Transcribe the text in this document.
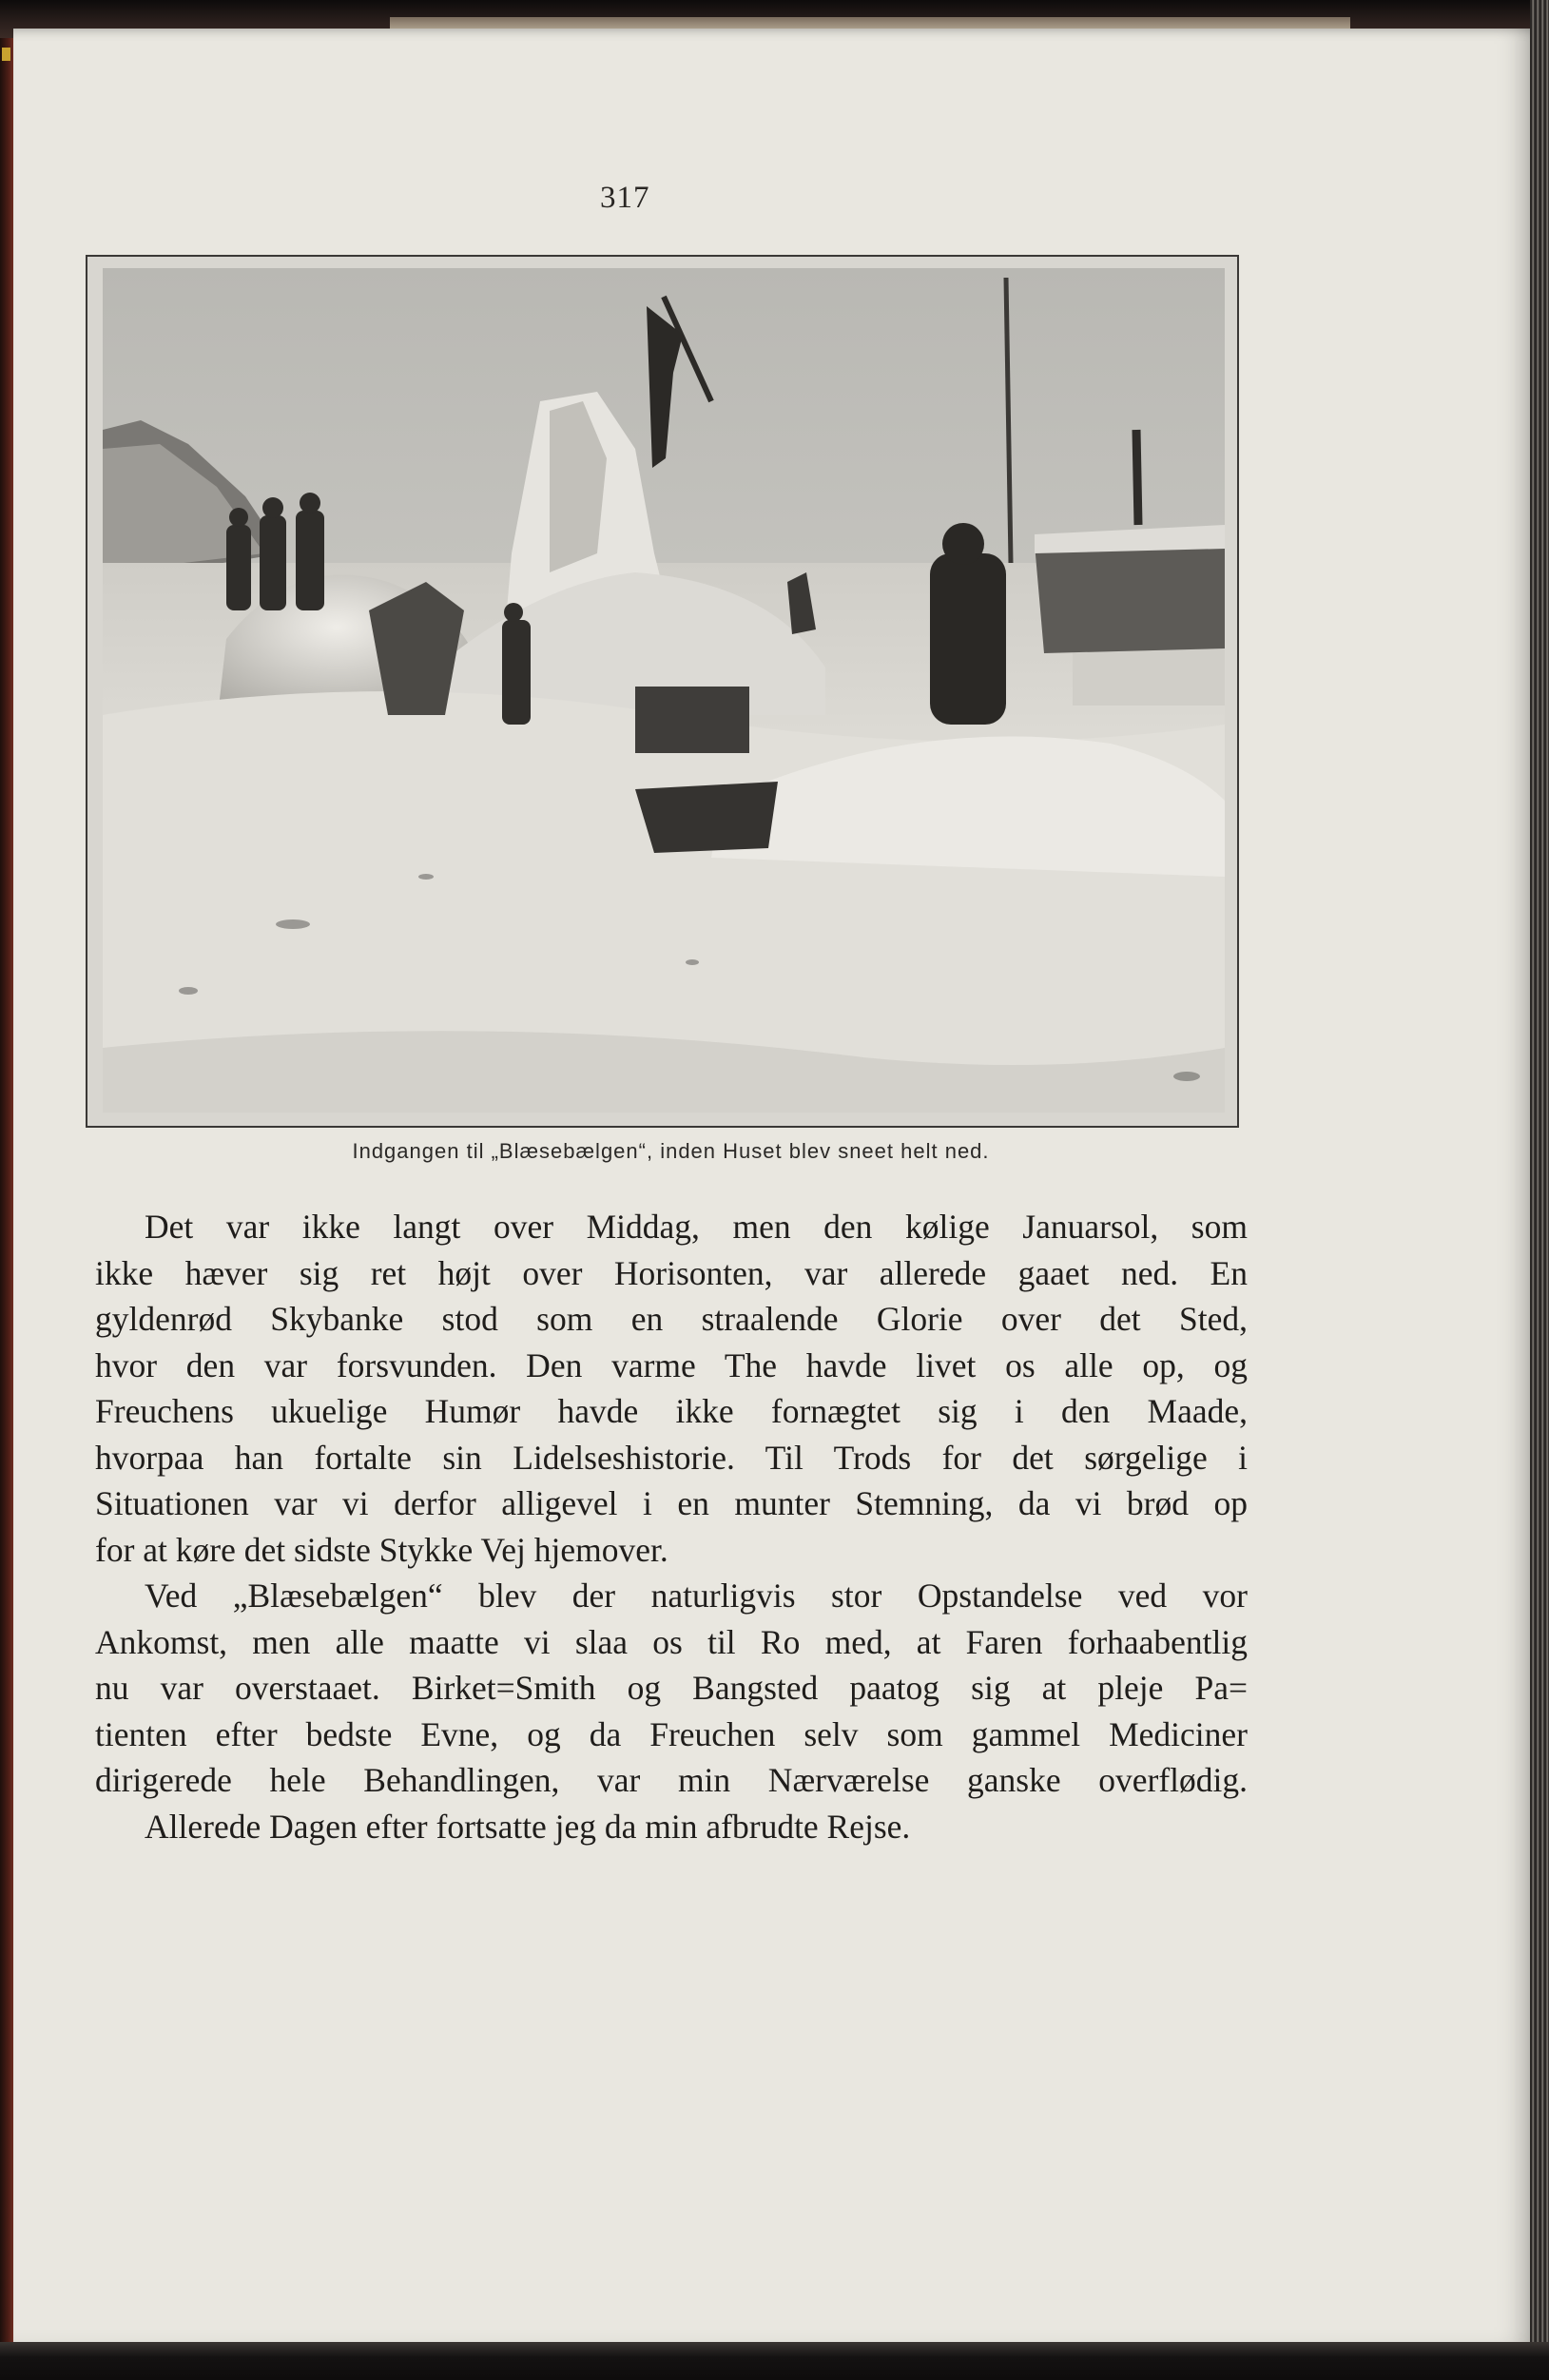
317
Indgangen til „Blæsebælgen“, inden Huset blev sneet helt ned.

Det var ikke langt over Middag, men den kølige Januarsol, som
ikke hæver sig ret højt over Horisonten, var allerede gaaet ned. En
gyldenrød Skybanke stod som en straalende Glorie over det Sted,
hvor den var forsvunden. Den varme The havde livet os alle op, og
Freuchens ukuelige Humør havde ikke fornægtet sig i den Maade,
hvorpaa han fortalte sin Lidelseshistorie. Til Trods for det sørgelige i
Situationen var vi derfor alligevel i en munter Stemning, da vi brød op
for at køre det sidste Stykke Vej hjemover.

Ved „Blæsebælgen“ blev der naturligvis stor Opstandelse ved vor
Ankomst, men alle maatte vi slaa os til Ro med, at Faren forhaabentlig
nu var overstaaet. Birket=Smith og Bangsted paatog sig at pleje Pa=
tienten efter bedste Evne, og da Freuchen selv som gammel Mediciner
dirigerede hele Behandlingen, var min Nærværelse ganske overflødig.

Allerede Dagen efter fortsatte jeg da min afbrudte Rejse.
